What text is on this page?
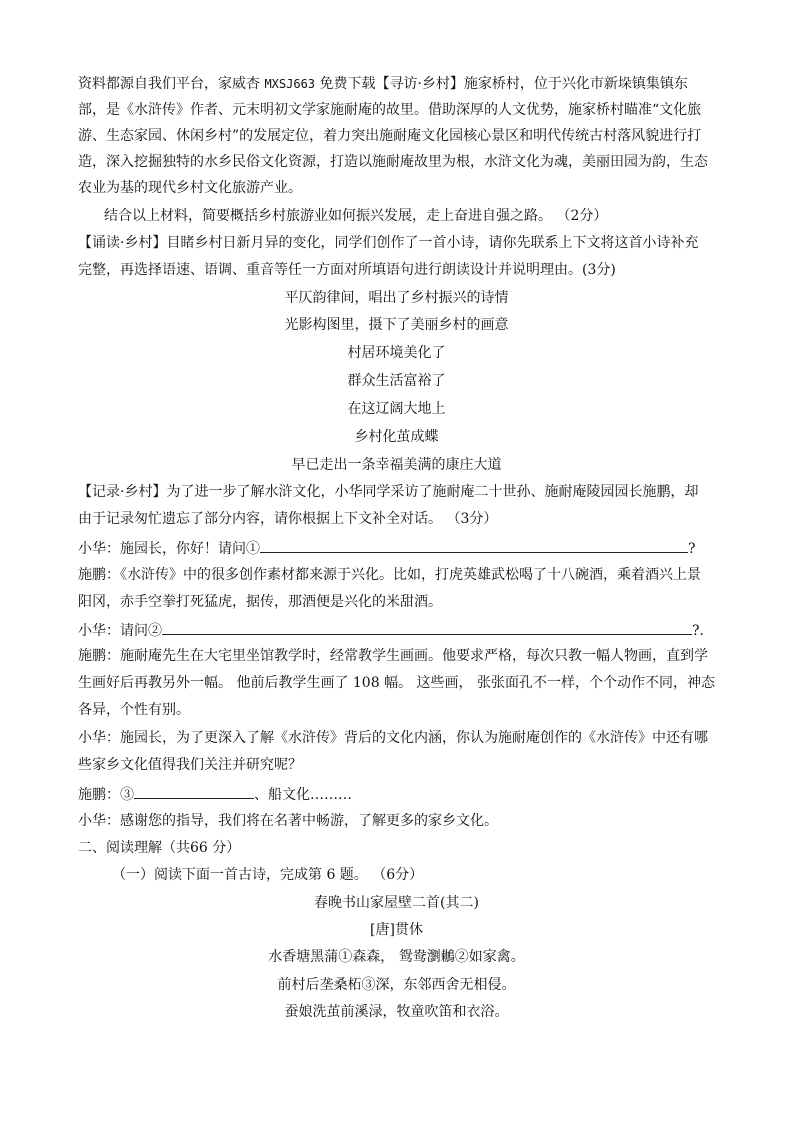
资料都源自我们平台，家威杏 MXSJ663 免费下载【寻访·乡村】施家桥村，位于兴化市新垛镇集镇东
部，是《水浒传》作者、元末明初文学家施耐庵的故里。借助深厚的人文优势，施家桥村瞄准“文化旅
游、生态家园、休闲乡村”的发展定位，着力突出施耐庵文化园核心景区和明代传统古村落风貌进行打
造，深入挖掘独特的水乡民俗文化资源，打造以施耐庵故里为根，水浒文化为魂，美丽田园为韵，生态
农业为基的现代乡村文化旅游产业。
结合以上材料，简要概括乡村旅游业如何振兴发展，走上奋进自强之路。 （2分）
【诵读·乡村】目睹乡村日新月异的变化，同学们创作了一首小诗，请你先联系上下文将这首小诗补充
完整，再选择语速、语调、重音等任一方面对所填语句进行朗读设计并说明理由。(3分)
平仄韵律间，唱出了乡村振兴的诗情
光影构图里，摄下了美丽乡村的画意
村居环境美化了
群众生活富裕了
在这辽阔大地上
乡村化茧成蝶
早已走出一条幸福美满的康庄大道
【记录·乡村】为了进一步了解水浒文化，小华同学采访了施耐庵二十世孙、施耐庵陵园园长施鹏，却
由于记录匆忙遗忘了部分内容，请你根据上下文补全对话。 （3分）
小华：施园长，你好！请问①	?
施鹏：《水浒传》中的很多创作素材都来源于兴化。比如，打虎英雄武松喝了十八碗酒，乘着酒兴上景
阳冈，赤手空拳打死猛虎，据传，那酒便是兴化的米甜酒。
小华：请问②	?.
施鹏：施耐庵先生在大宅里坐馆教学时，经常教学生画画。他要求严格，每次只教一幅人物画，直到学
生画好后再教另外一幅。 他前后教学生画了 108 幅。 这些画， 张张面孔不一样，个个动作不同，神态
各异，个性有别。
小华：施园长，为了更深入了解《水浒传》背后的文化内涵，你认为施耐庵创作的《水浒传》中还有哪
些家乡文化值得我们关注并研究呢？
施鹏：③	、船文化………
小华：感谢您的指导，我们将在名著中畅游，了解更多的家乡文化。
二、阅读理解（共66 分）
（一）阅读下面一首古诗，完成第 6 题。 （6分）
春晚书山家屋壁二首(其二)
[唐]贯休
水香塘黑蒲①森森， 鸳鸯瀏鶒②如家禽。
前村后垄桑柘③深，东邻西舍无相侵。
蚕娘洗茧前溪渌，牧童吹笛和衣浴。
